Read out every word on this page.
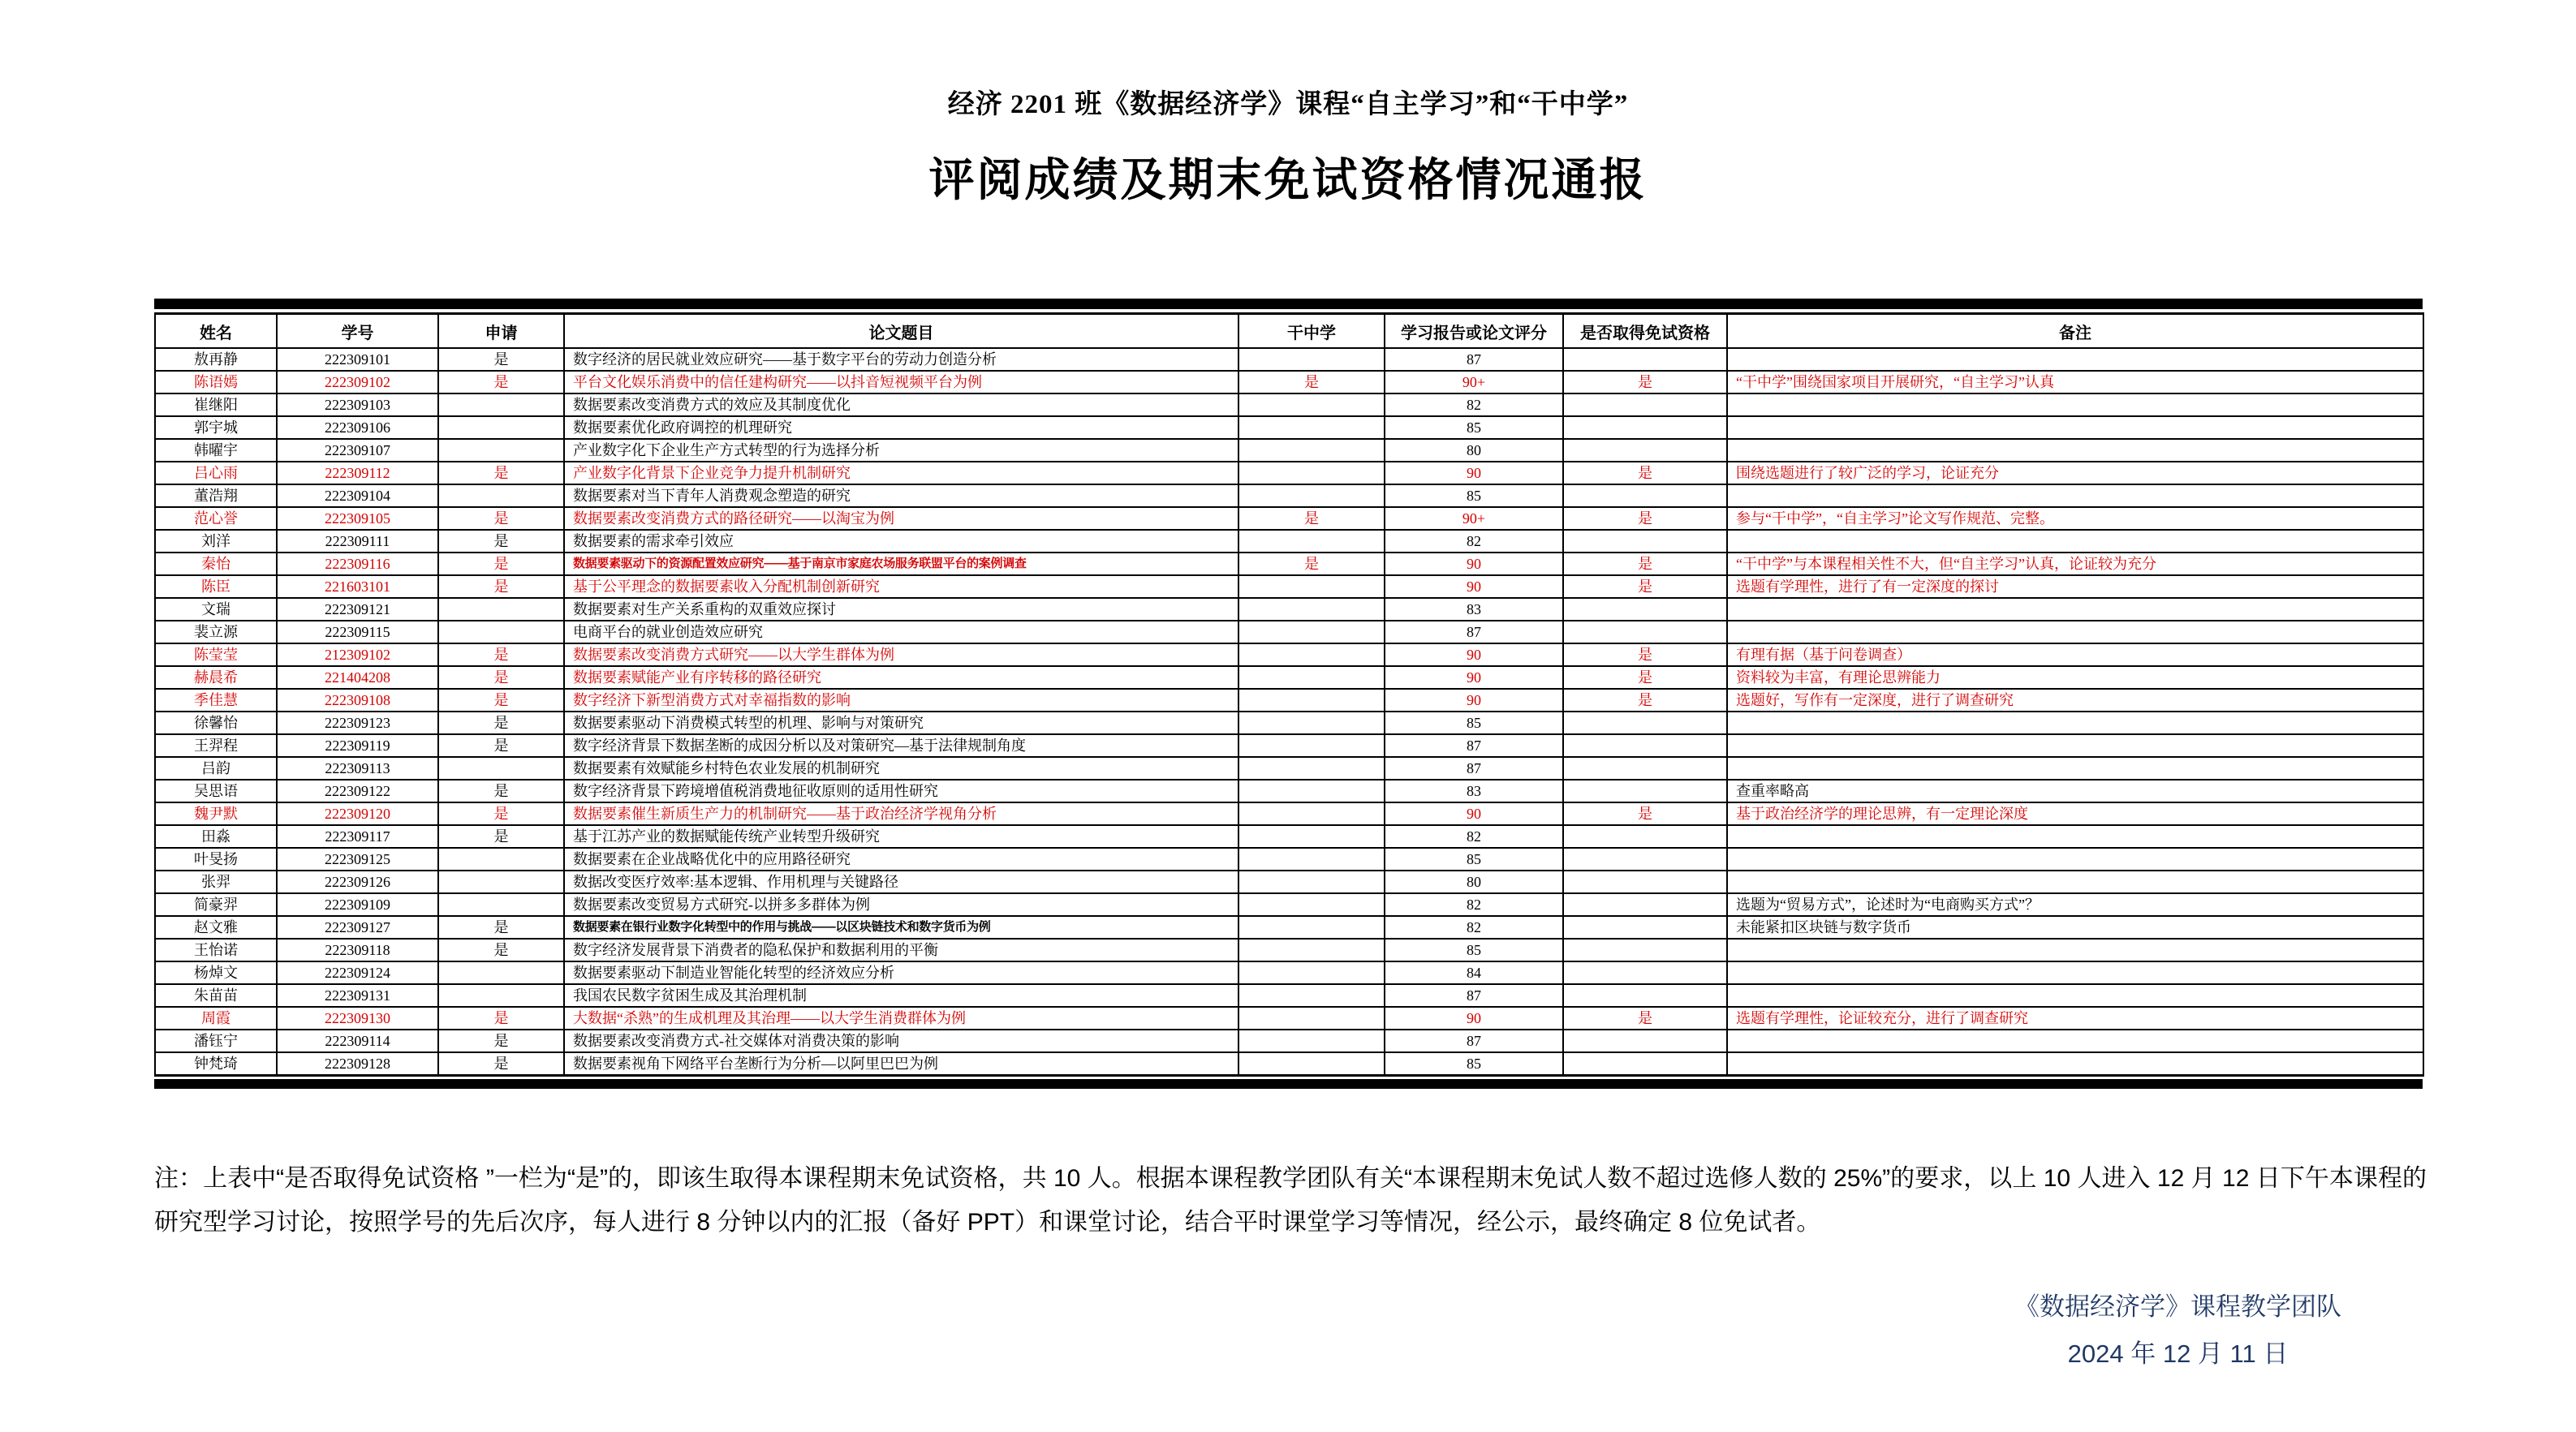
经济 2201 班《数据经济学》课程“自主学习”和“干中学”
评阅成绩及期末免试资格情况通报
姓名	学号	申请	论文题目	干中学	学习报告或论文评分	是否取得免试资格	备注
敖再静	222309101	是	数字经济的居民就业效应研究——基于数字平台的劳动力创造分析		87		
陈语嫣	222309102	是	平台文化娱乐消费中的信任建构研究——以抖音短视频平台为例	是	90+	是	“干中学”围绕国家项目开展研究，“自主学习”认真
崔继阳	222309103		数据要素改变消费方式的效应及其制度优化		82		
郭宇城	222309106		数据要素优化政府调控的机理研究		85		
韩曜宇	222309107		产业数字化下企业生产方式转型的行为选择分析		80		
吕心雨	222309112	是	产业数字化背景下企业竞争力提升机制研究		90	是	围绕选题进行了较广泛的学习，论证充分
董浩翔	222309104		数据要素对当下青年人消费观念塑造的研究		85		
范心誉	222309105	是	数据要素改变消费方式的路径研究——以淘宝为例	是	90+	是	参与“干中学”，“自主学习”论文写作规范、完整。
刘洋	222309111	是	数据要素的需求牵引效应		82		
秦怡	222309116	是	数据要素驱动下的资源配置效应研究——基于南京市家庭农场服务联盟平台的案例调查	是	90	是	“干中学”与本课程相关性不大，但“自主学习”认真，论证较为充分
陈臣	221603101	是	基于公平理念的数据要素收入分配机制创新研究		90	是	选题有学理性，进行了有一定深度的探讨
文瑞	222309121		数据要素对生产关系重构的双重效应探讨		83		
裴立源	222309115		电商平台的就业创造效应研究		87		
陈莹莹	212309102	是	数据要素改变消费方式研究——以大学生群体为例		90	是	有理有据（基于问卷调查）
赫晨希	221404208	是	数据要素赋能产业有序转移的路径研究		90	是	资料较为丰富，有理论思辨能力
季佳慧	222309108	是	数字经济下新型消费方式对幸福指数的影响		90	是	选题好，写作有一定深度，进行了调查研究
徐馨怡	222309123	是	数据要素驱动下消费模式转型的机理、影响与对策研究		85		
王羿程	222309119	是	数字经济背景下数据垄断的成因分析以及对策研究—基于法律规制角度		87		
吕韵	222309113		数据要素有效赋能乡村特色农业发展的机制研究		87		
吴思语	222309122	是	数字经济背景下跨境增值税消费地征收原则的适用性研究		83		查重率略高
魏尹默	222309120	是	数据要素催生新质生产力的机制研究——基于政治经济学视角分析		90	是	基于政治经济学的理论思辨，有一定理论深度
田淼	222309117	是	基于江苏产业的数据赋能传统产业转型升级研究		82		
叶旻扬	222309125		数据要素在企业战略优化中的应用路径研究		85		
张羿	222309126		数据改变医疗效率:基本逻辑、作用机理与关键路径		80		
简豪羿	222309109		数据要素改变贸易方式研究-以拼多多群体为例		82		选题为“贸易方式”，论述时为“电商购买方式”？
赵文雅	222309127	是	数据要素在银行业数字化转型中的作用与挑战——以区块链技术和数字货币为例		82		未能紧扣区块链与数字货币
王怡诺	222309118	是	数字经济发展背景下消费者的隐私保护和数据利用的平衡		85		
杨焯文	222309124		数据要素驱动下制造业智能化转型的经济效应分析		84		
朱苗苗	222309131		我国农民数字贫困生成及其治理机制		87		
周霞	222309130	是	大数据“杀熟”的生成机理及其治理——以大学生消费群体为例		90	是	选题有学理性，论证较充分，进行了调查研究
潘钰宁	222309114	是	数据要素改变消费方式-社交媒体对消费决策的影响		87		
钟梵琦	222309128	是	数据要素视角下网络平台垄断行为分析—以阿里巴巴为例		85		

注：上表中“是否取得免试资格 ”一栏为“是”的，即该生取得本课程期末免试资格，共 10 人。根据本课程教学团队有关“本课程期末免试人数不超过选修人数的 25%”的要求，以上 10 人进入 12 月 12 日下午本课程的研究型学习讨论，按照学号的先后次序，每人进行 8 分钟以内的汇报（备好 PPT）和课堂讨论，结合平时课堂学习等情况，经公示，最终确定 8 位免试者。

《数据经济学》课程教学团队
2024 年 12 月 11 日
